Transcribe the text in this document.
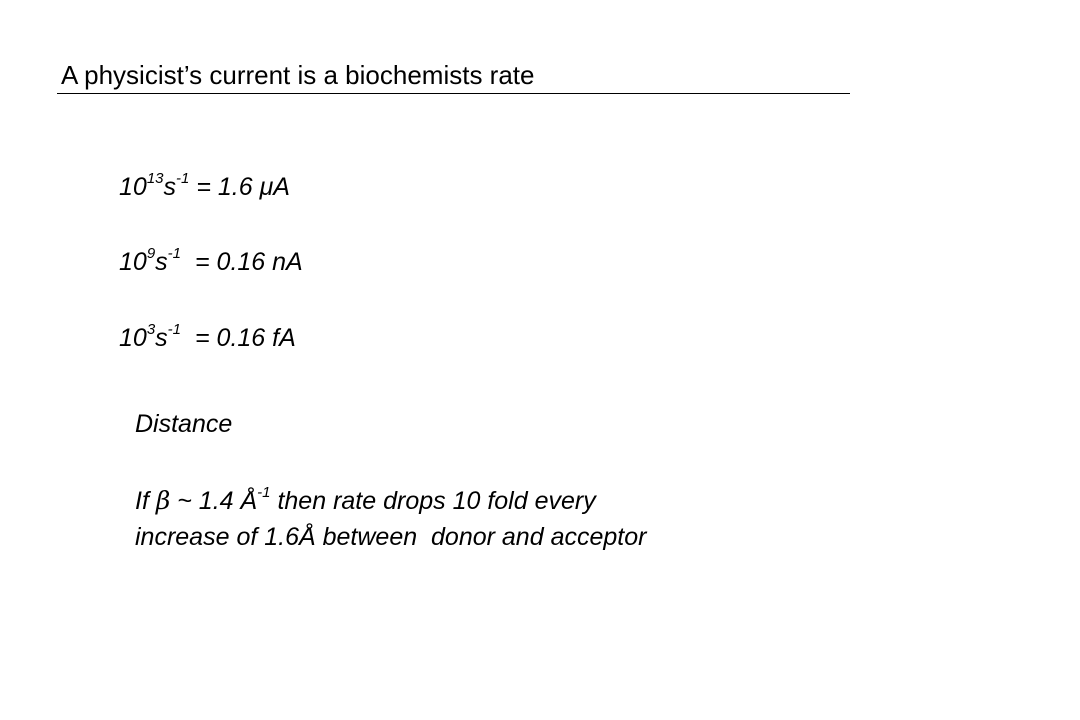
A physicist’s current is a biochemists rate
$10^{13}s^{-1} = 1.6$ μA
$10^9s^{-1} = 0.16$ nA
$10^3s^{-1} = 0.16$ fA
Distance
If β ~ 1.4 $Å^{-1}$ then rate drops 10 fold every
increase of 1.6Å between  donor and acceptor
